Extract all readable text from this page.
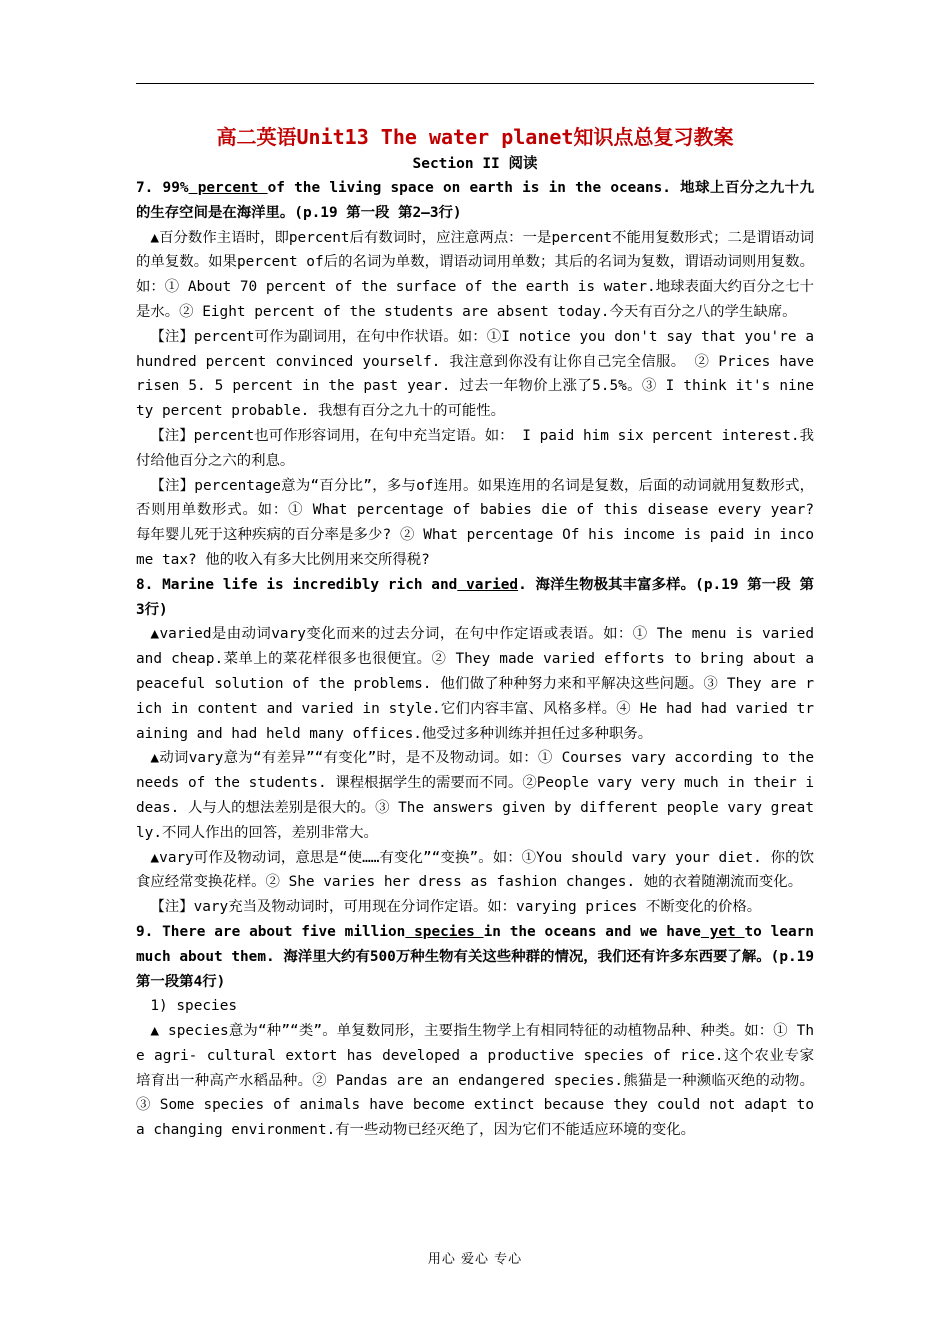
高二英语Unit13 The water planet知识点总复习教案
Section II 阅读

7. 99% percent of the living space on earth is in the oceans. 地球上百分之九十九的生存空间是在海洋里。(p.19 第一段 第2—3行)

▲百分数作主语时，即percent后有数词时，应注意两点：一是percent不能用复数形式；二是谓语动词的单复数。如果percent of后的名词为单数，谓语动词用单数；其后的名词为复数，谓语动词则用复数。如：① About 70 percent of the surface of the earth is water.地球表面大约百分之七十是水。② Eight percent of the students are absent today.今天有百分之八的学生缺席。

【注】percent可作为副词用，在句中作状语。如：①I notice you don't say that you're a hundred percent convinced yourself. 我注意到你没有让你自己完全信服。 ② Prices have risen 5. 5 percent in the past year. 过去一年物价上涨了5.5%。③ I think it's ninety percent probable. 我想有百分之九十的可能性。

【注】percent也可作形容词用，在句中充当定语。如： I paid him six percent interest.我付给他百分之六的利息。

【注】percentage意为“百分比”，多与of连用。如果连用的名词是复数，后面的动词就用复数形式，否则用单数形式。如：① What percentage of babies die of this disease every year? 每年婴儿死于这种疾病的百分率是多少? ② What percentage Of his income is paid in income tax? 他的收入有多大比例用来交所得税?

8. Marine life is incredibly rich and varied. 海洋生物极其丰富多样。(p.19 第一段 第3行)

▲varied是由动词vary变化而来的过去分词，在句中作定语或表语。如：① The menu is varied and cheap.菜单上的菜花样很多也很便宜。② They made varied efforts to bring about a peaceful solution of the problems. 他们做了种种努力来和平解决这些问题。③ They are rich in content and varied in style.它们内容丰富、风格多样。④ He had had varied training and had held many offices.他受过多种训练并担任过多种职务。

▲动词vary意为“有差异”“有变化”时，是不及物动词。如：① Courses vary according to the needs of the students. 课程根据学生的需要而不同。②People vary very much in their ideas. 人与人的想法差别是很大的。③ The answers given by different people vary greatly.不同人作出的回答，差别非常大。

▲vary可作及物动词，意思是“使……有变化”“变换”。如：①You should vary your diet. 你的饮食应经常变换花样。② She varies her dress as fashion changes. 她的衣着随潮流而变化。

【注】vary充当及物动词时，可用现在分词作定语。如：varying prices 不断变化的价格。

9. There are about five million species in the oceans and we have yet to learn much about them. 海洋里大约有500万种生物有关这些种群的情况，我们还有许多东西要了解。(p.19第一段第4行)

1) species

▲ species意为“种”“类”。单复数同形，主要指生物学上有相同特征的动植物品种、种类。如：① The agri- cultural extort has developed a productive species of rice.这个农业专家培育出一种高产水稻品种。② Pandas are an endangered species.熊猫是一种濒临灭绝的动物。③ Some species of animals have become extinct because they could not adapt to a changing environment.有一些动物已经灭绝了，因为它们不能适应环境的变化。

用心 爱心 专心
